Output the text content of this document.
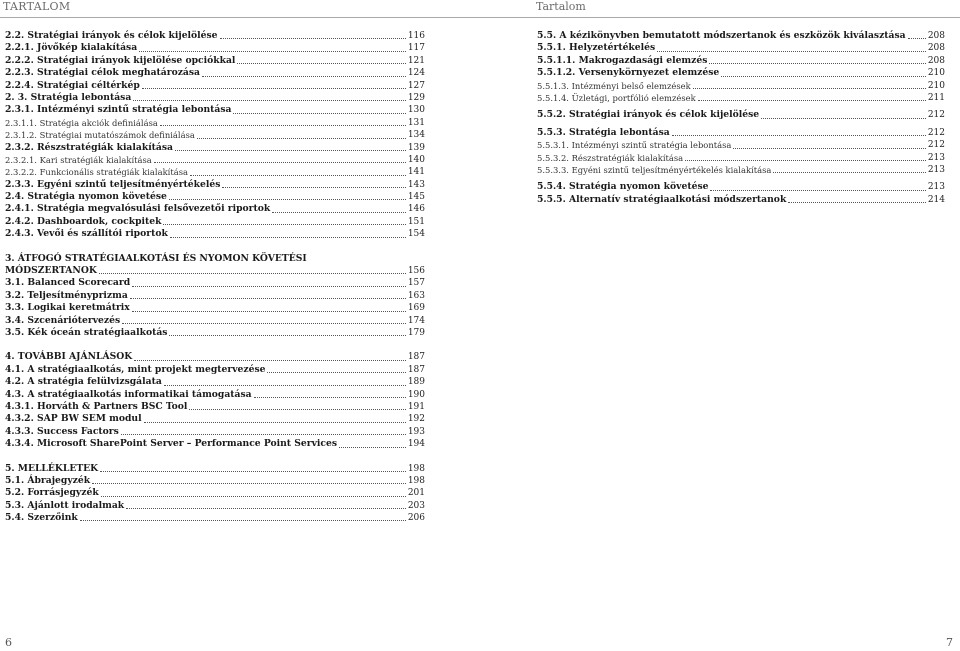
TARTALOM	Tartalom
2.2. Stratégiai irányok és célok kijelölése	116
2.2.1. Jövőkép kialakítása	117
2.2.2. Stratégiai irányok kijelölése opciókkal	121
2.2.3. Stratégiai célok meghatározása	124
2.2.4. Stratégiai céltérkép	127
2. 3. Stratégia lebontása	129
2.3.1. Intézményi szintű stratégia lebontása	130
2.3.1.1. Stratégia akciók definiálása	131
2.3.1.2. Stratégiai mutatószámok definiálása	134
2.3.2. Részstratégiák kialakítása	139
2.3.2.1. Kari stratégiák kialakítása	140
2.3.2.2. Funkcionális stratégiák kialakítása	141
2.3.3. Egyéni szintű teljesítményértékelés	143
2.4. Stratégia nyomon követése	145
2.4.1. Stratégia megvalósulási felsővezetői riportok	146
2.4.2. Dashboardok, cockpitek	151
2.4.3. Vevői és szállítói riportok	154
3. ÁTFOGÓ STRATÉGIAALKOTÁSI ÉS NYOMON KÖVETÉSI
MÓDSZERTANOK	156
3.1. Balanced Scorecard	157
3.2. Teljesítményprizma	163
3.3. Logikai keretmátrix	169
3.4. Szcenáriótervezés	174
3.5. Kék óceán stratégiaalkotás	179
4. TOVÁBBI AJÁNLÁSOK	187
4.1. A stratégiaalkotás, mint projekt megtervezése	187
4.2. A stratégia felülvizsgálata	189
4.3. A stratégiaalkotás informatikai támogatása	190
4.3.1. Horváth & Partners BSC Tool	191
4.3.2. SAP BW SEM modul	192
4.3.3. Success Factors	193
4.3.4. Microsoft SharePoint Server – Performance Point Services	194
5. MELLÉKLETEK	198
5.1. Ábrajegyzék	198
5.2. Forrásjegyzék	201
5.3. Ajánlott irodalmak	203
5.4. Szerzőink	206
5.5. A kézikönyvben bemutatott módszertanok és eszközök kiválasztása 208
5.5.1. Helyzetértékelés	208
5.5.1.1. Makrogazdasági elemzés	208
5.5.1.2. Versenykörnyezet elemzése	210
5.5.1.3. Intézményi belső elemzések	210
5.5.1.4. Üzletági, portfólió elemzések	211
5.5.2. Stratégiai irányok és célok kijelölése	212
5.5.3. Stratégia lebontása	212
5.5.3.1. Intézményi szintű stratégia lebontása	212
5.5.3.2. Részstratégiák kialakítása	213
5.5.3.3. Egyéni szintű teljesítményértékelés kialakítása	213
5.5.4. Stratégia nyomon követése	213
5.5.5. Alternatív stratégiaalkotási módszertanok	214
6	7
